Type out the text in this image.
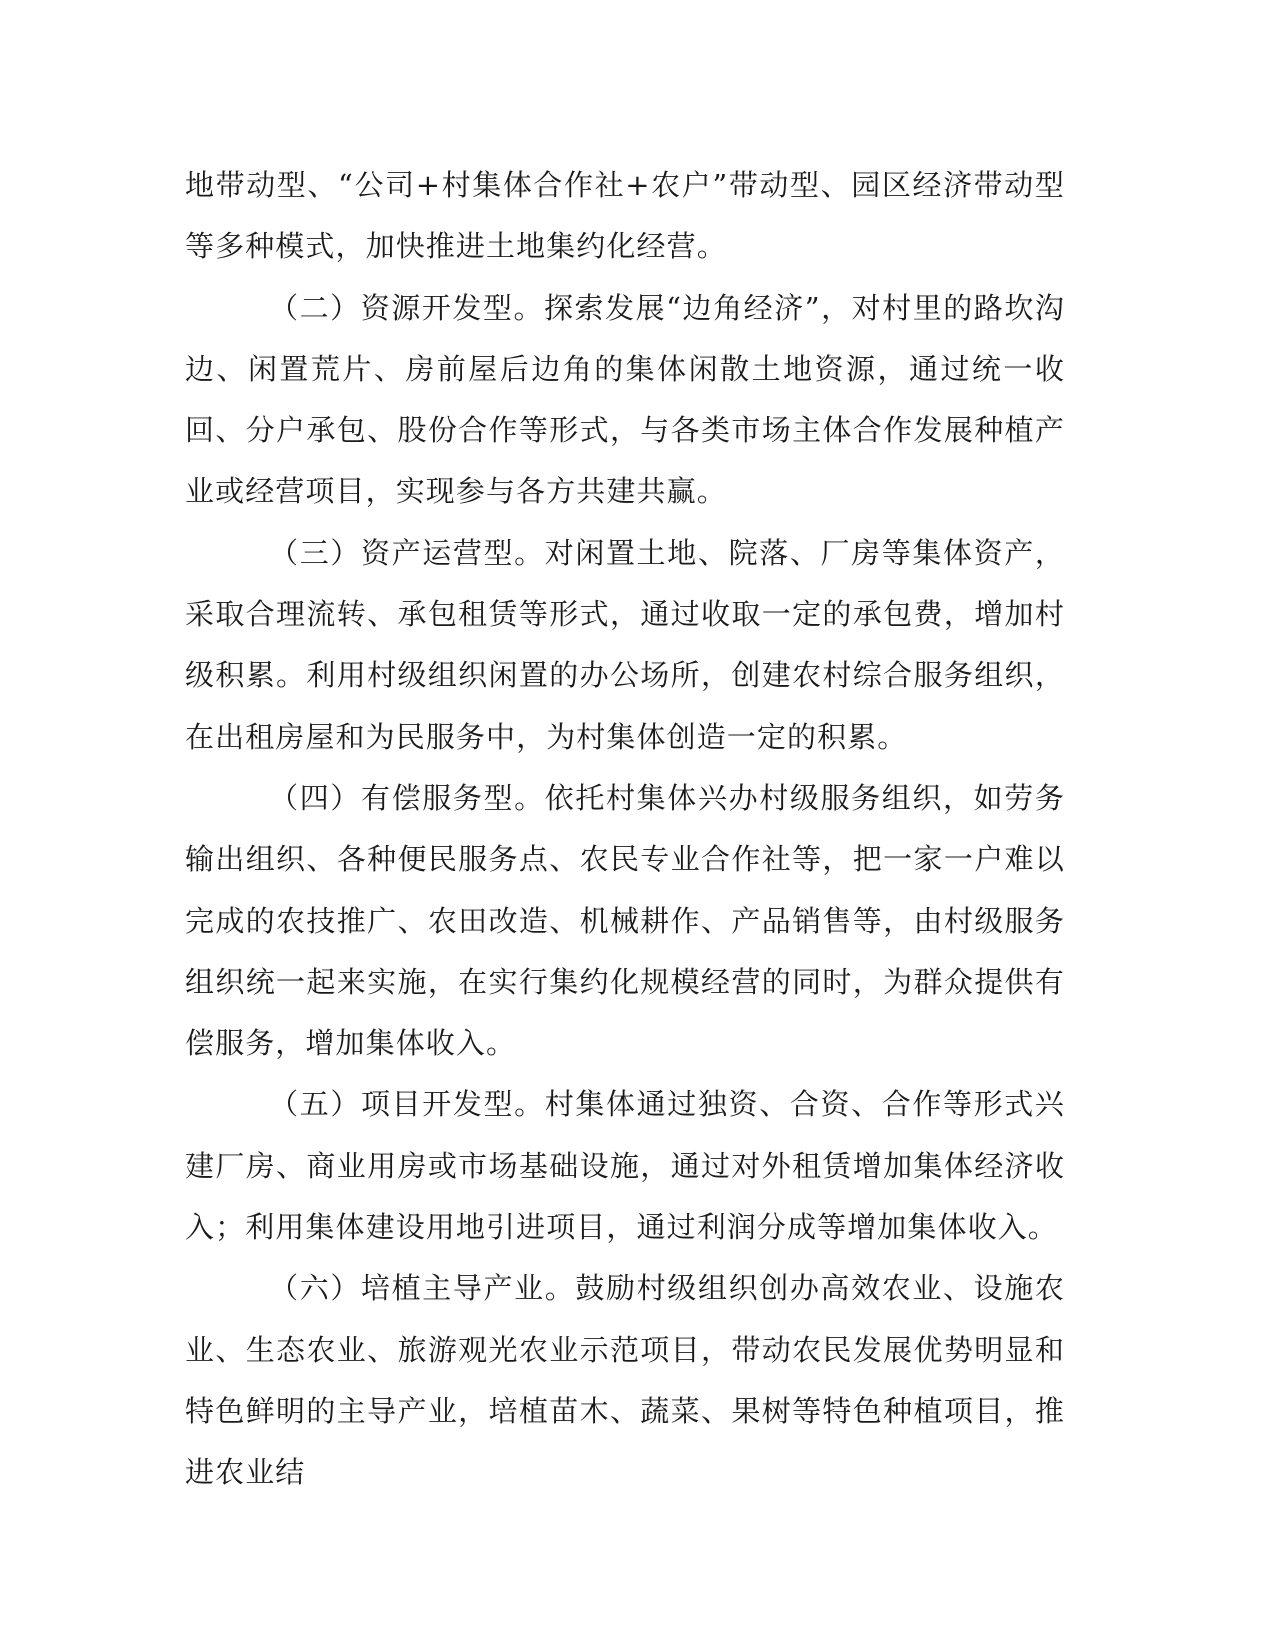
地带动型、“公司+村集体合作社+农户”带动型、园区经济带动型等多种模式，加快推进土地集约化经营。

（二）资源开发型。探索发展“边角经济”，对村里的路坎沟边、闲置荒片、房前屋后边角的集体闲散土地资源，通过统一收回、分户承包、股份合作等形式，与各类市场主体合作发展种植产业或经营项目，实现参与各方共建共赢。

（三）资产运营型。对闲置土地、院落、厂房等集体资产，采取合理流转、承包租赁等形式，通过收取一定的承包费，增加村级积累。利用村级组织闲置的办公场所，创建农村综合服务组织，在出租房屋和为民服务中，为村集体创造一定的积累。

（四）有偿服务型。依托村集体兴办村级服务组织，如劳务输出组织、各种便民服务点、农民专业合作社等，把一家一户难以完成的农技推广、农田改造、机械耕作、产品销售等，由村级服务组织统一起来实施，在实行集约化规模经营的同时，为群众提供有偿服务，增加集体收入。

（五）项目开发型。村集体通过独资、合资、合作等形式兴建厂房、商业用房或市场基础设施，通过对外租赁增加集体经济收入；利用集体建设用地引进项目，通过利润分成等增加集体收入。

（六）培植主导产业。鼓励村级组织创办高效农业、设施农业、生态农业、旅游观光农业示范项目，带动农民发展优势明显和特色鲜明的主导产业，培植苗木、蔬菜、果树等特色种植项目，推进农业结
